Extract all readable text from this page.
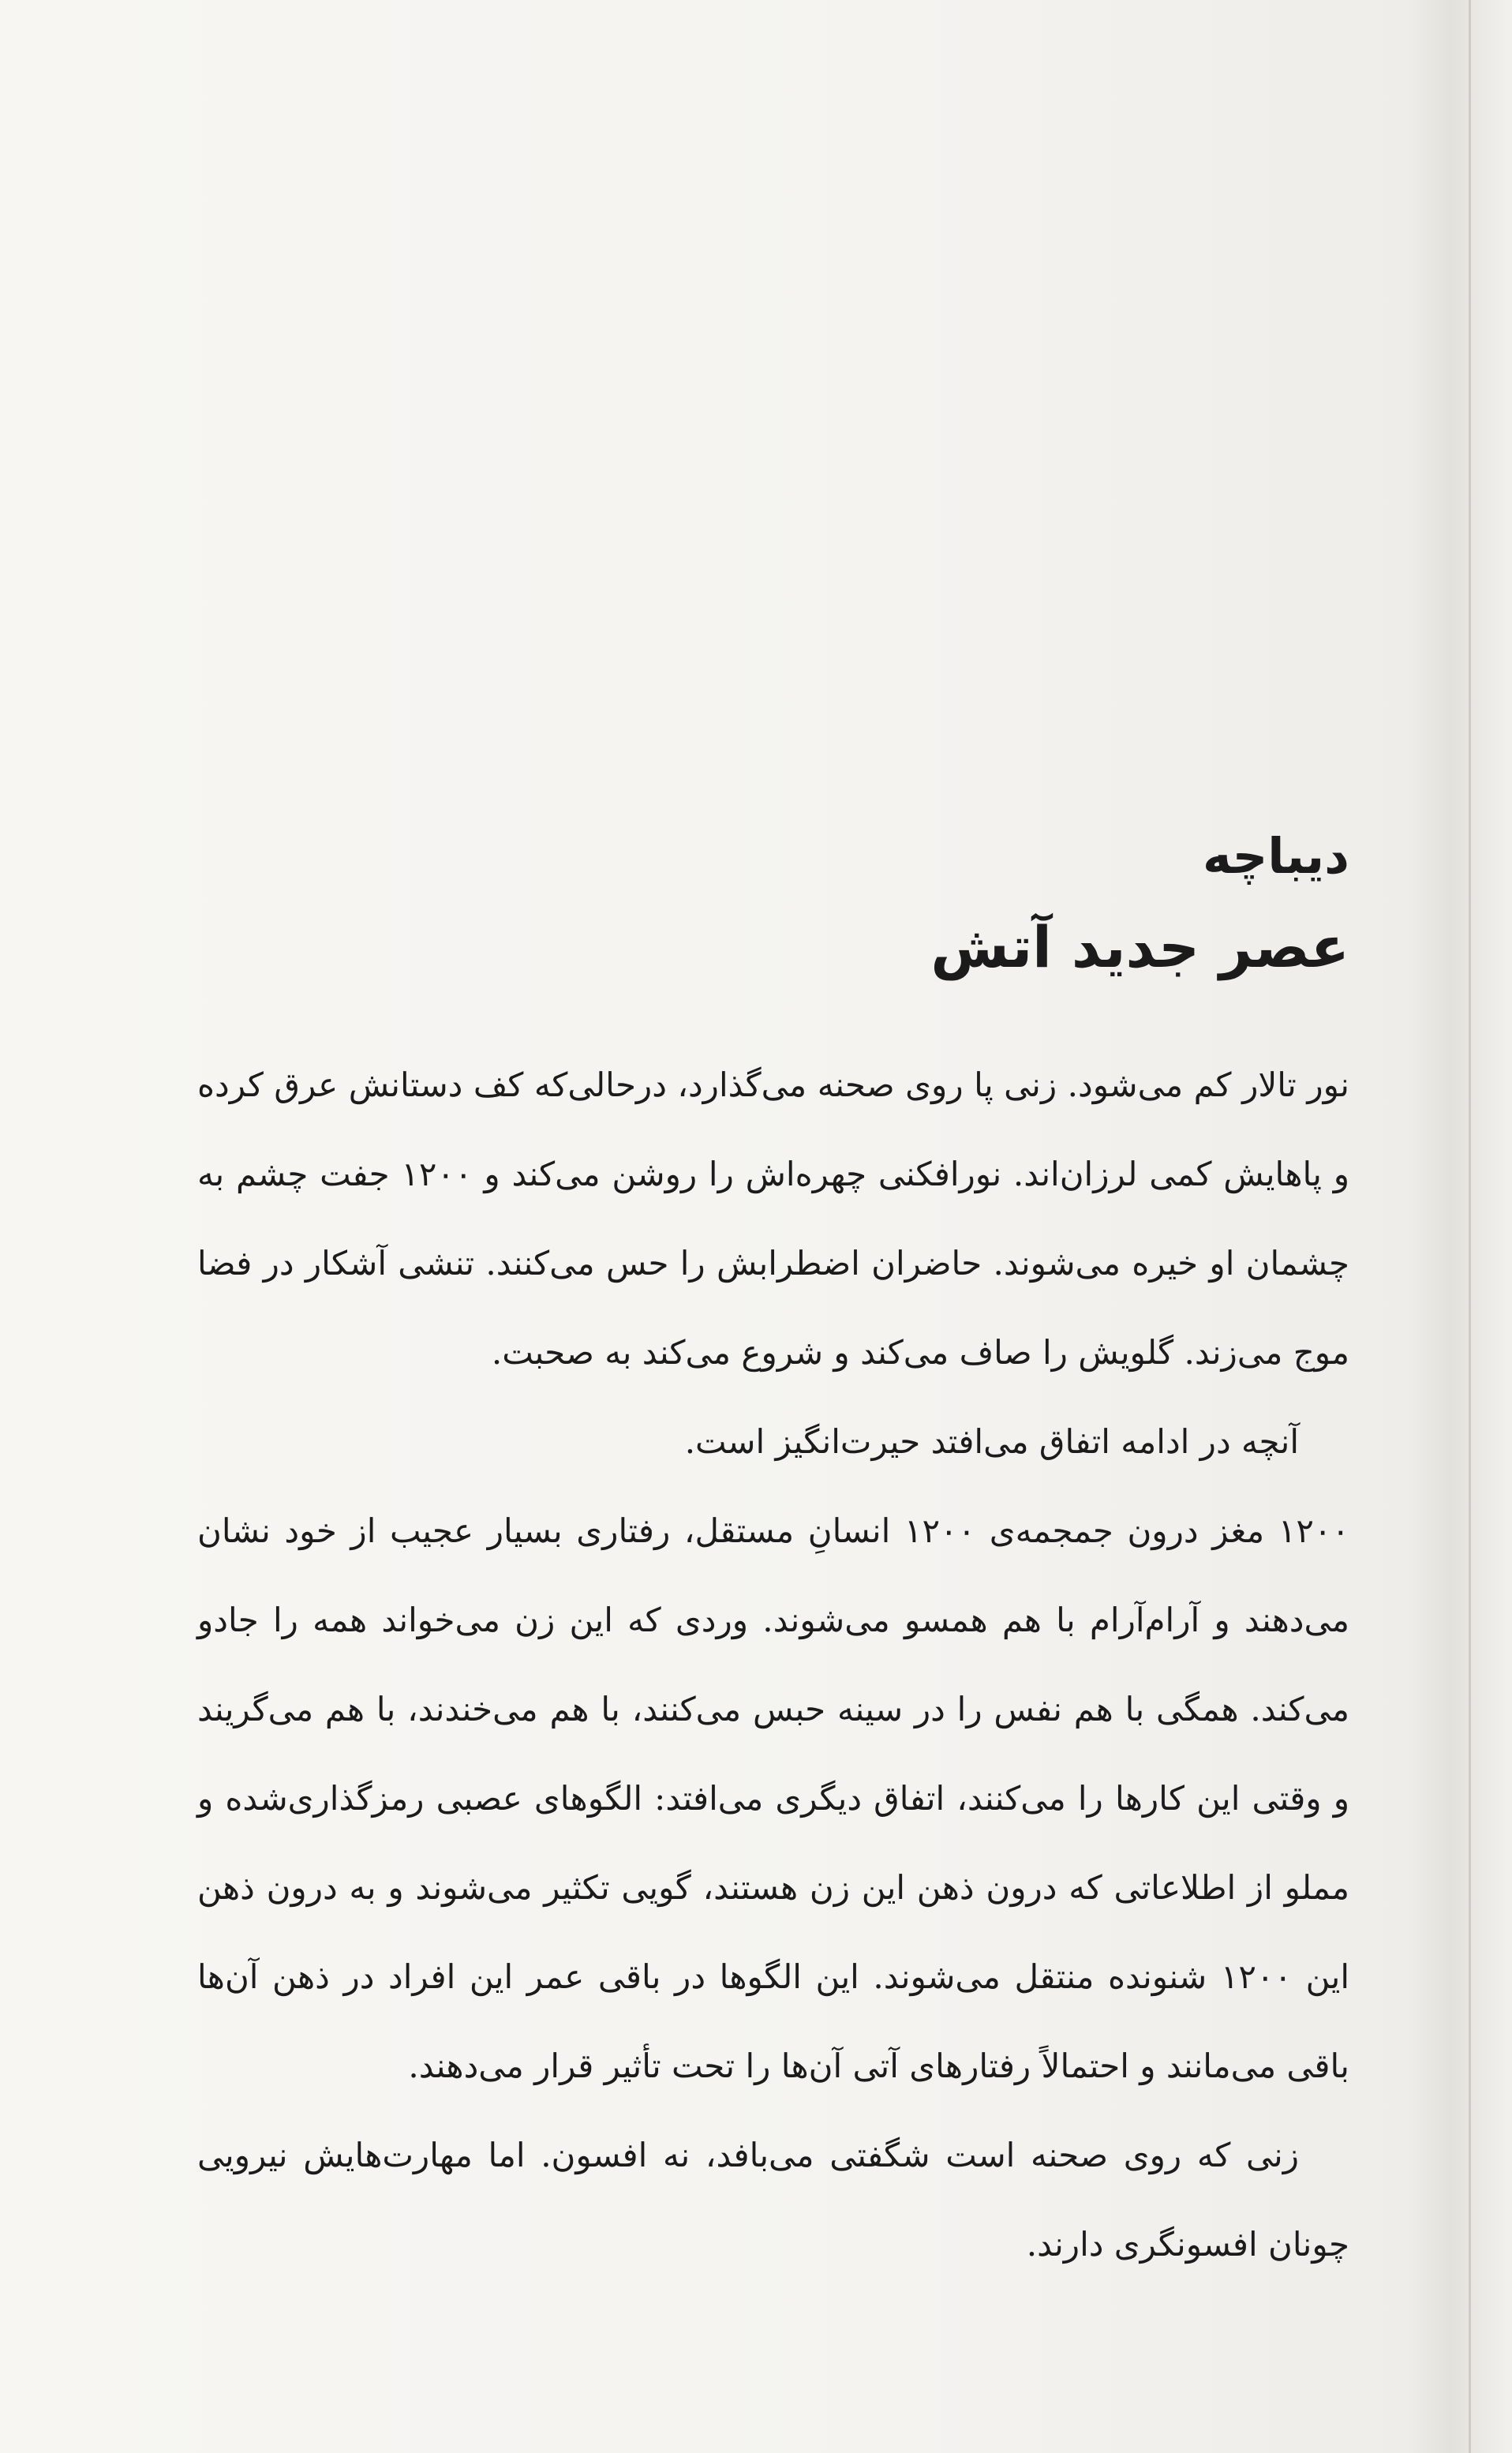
دیباچه
عصر جدید آتش

نور تالار کم می‌شود. زنی پا روی صحنه می‌گذارد، درحالی‌که کف دستانش عرق کرده و پاهایش کمی لرزان‌اند. نورافکنی چهره‌اش را روشن می‌کند و ۱۲۰۰ جفت چشم به چشمان او خیره می‌شوند. حاضران اضطرابش را حس می‌کنند. تنشی آشکار در فضا موج می‌زند. گلویش را صاف می‌کند و شروع می‌کند به صحبت.

آنچه در ادامه اتفاق می‌افتد حیرت‌انگیز است.

۱۲۰۰ مغز درون جمجمه‌ی ۱۲۰۰ انسانِ مستقل، رفتاری بسیار عجیب از خود نشان می‌دهند و آرام‌آرام با هم همسو می‌شوند. وردی که این زن می‌خواند همه را جادو می‌کند. همگی با هم نفس را در سینه حبس می‌کنند، با هم می‌خندند، با هم می‌گریند و وقتی این کارها را می‌کنند، اتفاق دیگری می‌افتد: الگوهای عصبی رمزگذاری‌شده و مملو از اطلاعاتی که درون ذهن این زن هستند، گویی تکثیر می‌شوند و به درون ذهن این ۱۲۰۰ شنونده منتقل می‌شوند. این الگوها در باقی عمر این افراد در ذهن آن‌ها باقی می‌مانند و احتمالاً رفتارهای آتی آن‌ها را تحت تأثیر قرار می‌دهند.

زنی که روی صحنه است شگفتی می‌بافد، نه افسون. اما مهارت‌هایش نیرویی چونان افسونگری دارند.
